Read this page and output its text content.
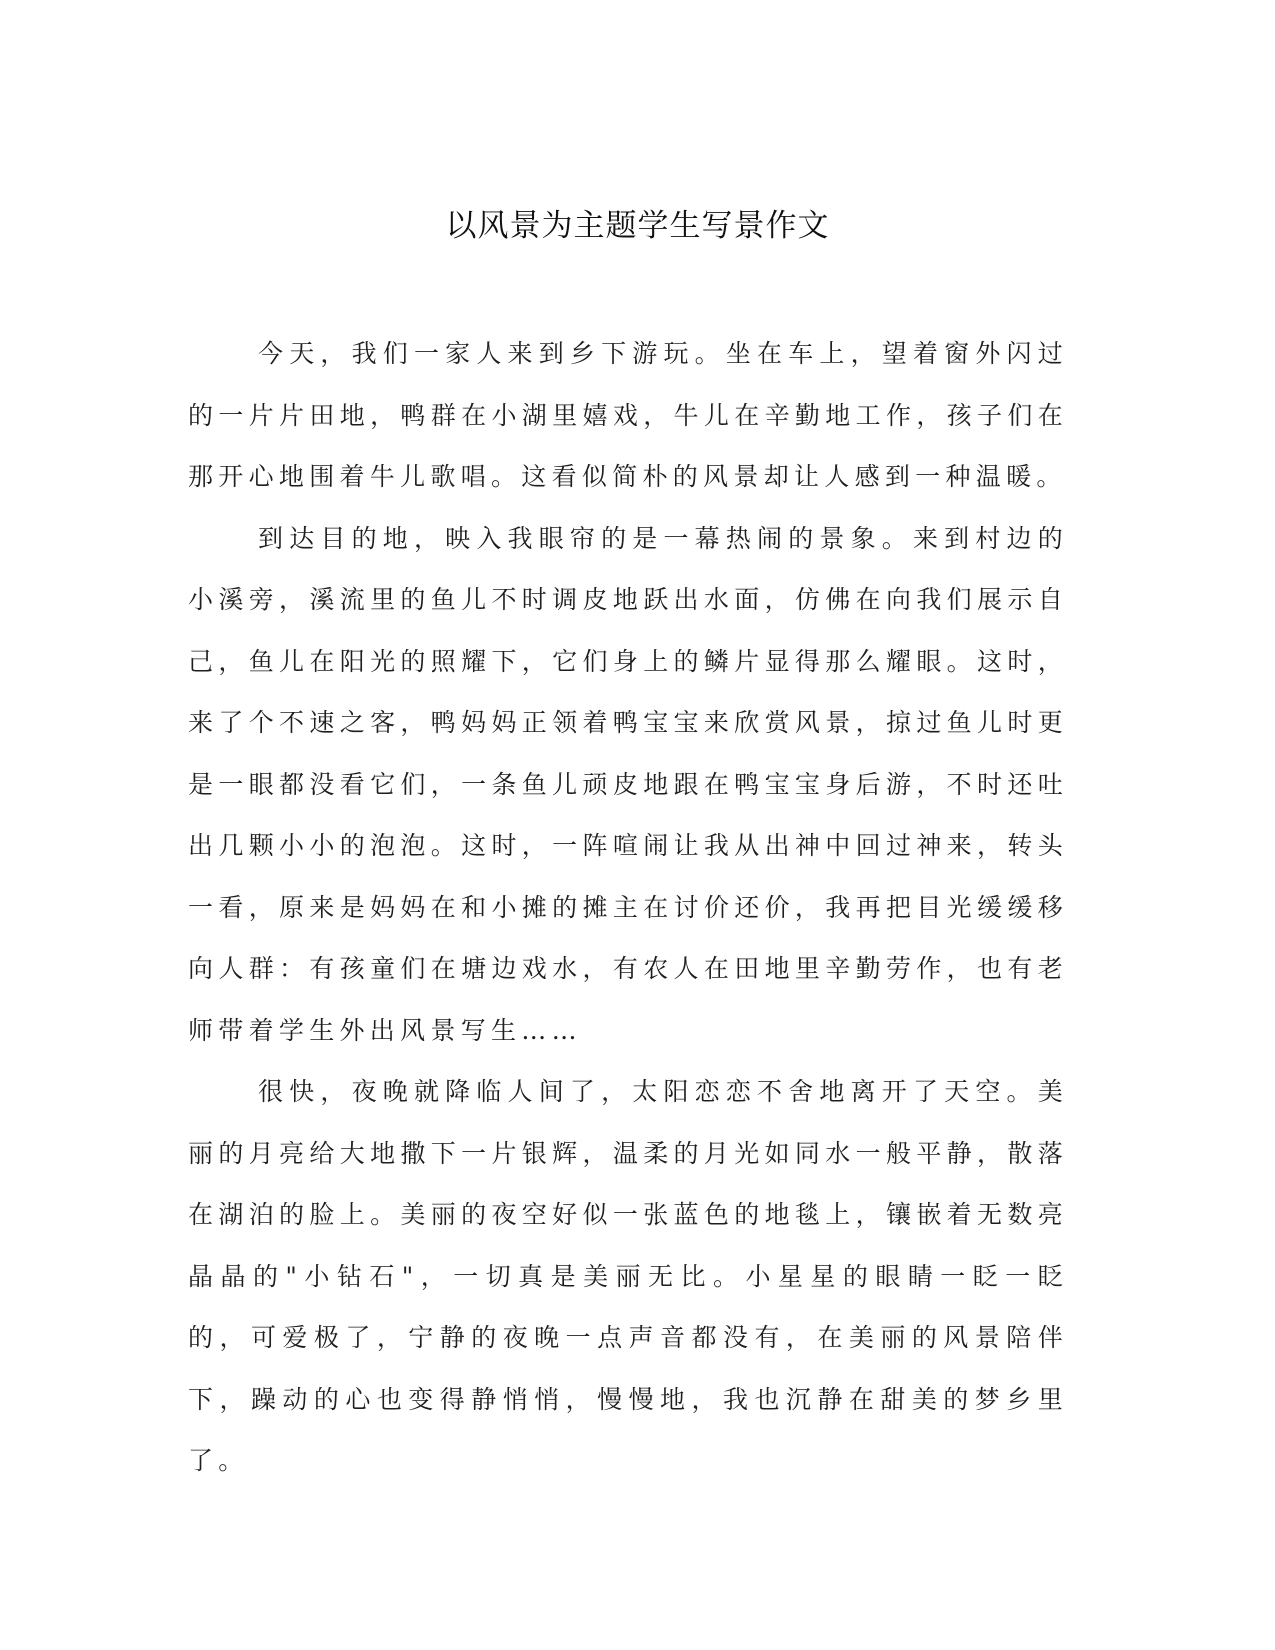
以风景为主题学生写景作文

今天，我们一家人来到乡下游玩。坐在车上，望着窗外闪过的一片片田地，鸭群在小湖里嬉戏，牛儿在辛勤地工作，孩子们在那开心地围着牛儿歌唱。这看似简朴的风景却让人感到一种温暖。

到达目的地，映入我眼帘的是一幕热闹的景象。来到村边的小溪旁，溪流里的鱼儿不时调皮地跃出水面，仿佛在向我们展示自己，鱼儿在阳光的照耀下，它们身上的鳞片显得那么耀眼。这时，来了个不速之客，鸭妈妈正领着鸭宝宝来欣赏风景，掠过鱼儿时更是一眼都没看它们，一条鱼儿顽皮地跟在鸭宝宝身后游，不时还吐出几颗小小的泡泡。这时，一阵喧闹让我从出神中回过神来，转头一看，原来是妈妈在和小摊的摊主在讨价还价，我再把目光缓缓移向人群：有孩童们在塘边戏水，有农人在田地里辛勤劳作，也有老师带着学生外出风景写生……

很快，夜晚就降临人间了，太阳恋恋不舍地离开了天空。美丽的月亮给大地撒下一片银辉，温柔的月光如同水一般平静，散落在湖泊的脸上。美丽的夜空好似一张蓝色的地毯上，镶嵌着无数亮晶晶的"小钻石"，一切真是美丽无比。小星星的眼睛一眨一眨的，可爱极了，宁静的夜晚一点声音都没有，在美丽的风景陪伴下，躁动的心也变得静悄悄，慢慢地，我也沉静在甜美的梦乡里了。
